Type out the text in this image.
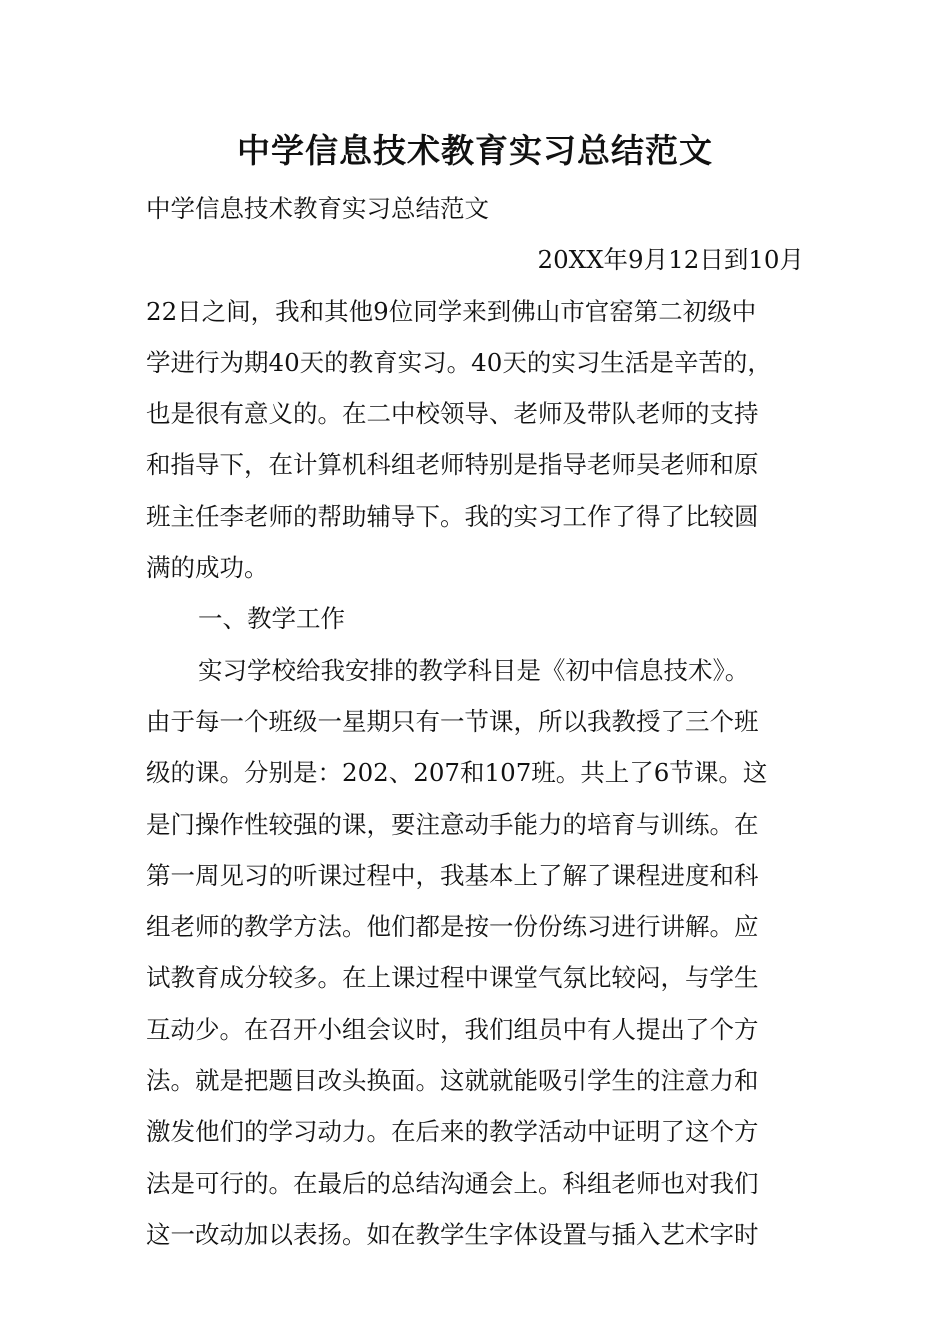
中学信息技术教育实习总结范文
中学信息技术教育实习总结范文
20XX年9月12日到10月
22日之间，我和其他9位同学来到佛山市官窑第二初级中
学进行为期40天的教育实习。40天的实习生活是辛苦的，
也是很有意义的。在二中校领导、老师及带队老师的支持
和指导下，在计算机科组老师特别是指导老师吴老师和原
班主任李老师的帮助辅导下。我的实习工作了得了比较圆
满的成功。
一、教学工作
实习学校给我安排的教学科目是《初中信息技术》。
由于每一个班级一星期只有一节课，所以我教授了三个班
级的课。分别是：202、207和107班。共上了6节课。这
是门操作性较强的课，要注意动手能力的培育与训练。在
第一周见习的听课过程中，我基本上了解了课程进度和科
组老师的教学方法。他们都是按一份份练习进行讲解。应
试教育成分较多。在上课过程中课堂气氛比较闷，与学生
互动少。在召开小组会议时，我们组员中有人提出了个方
法。就是把题目改头换面。这就就能吸引学生的注意力和
激发他们的学习动力。在后来的教学活动中证明了这个方
法是可行的。在最后的总结沟通会上。科组老师也对我们
这一改动加以表扬。如在教学生字体设置与插入艺术字时
